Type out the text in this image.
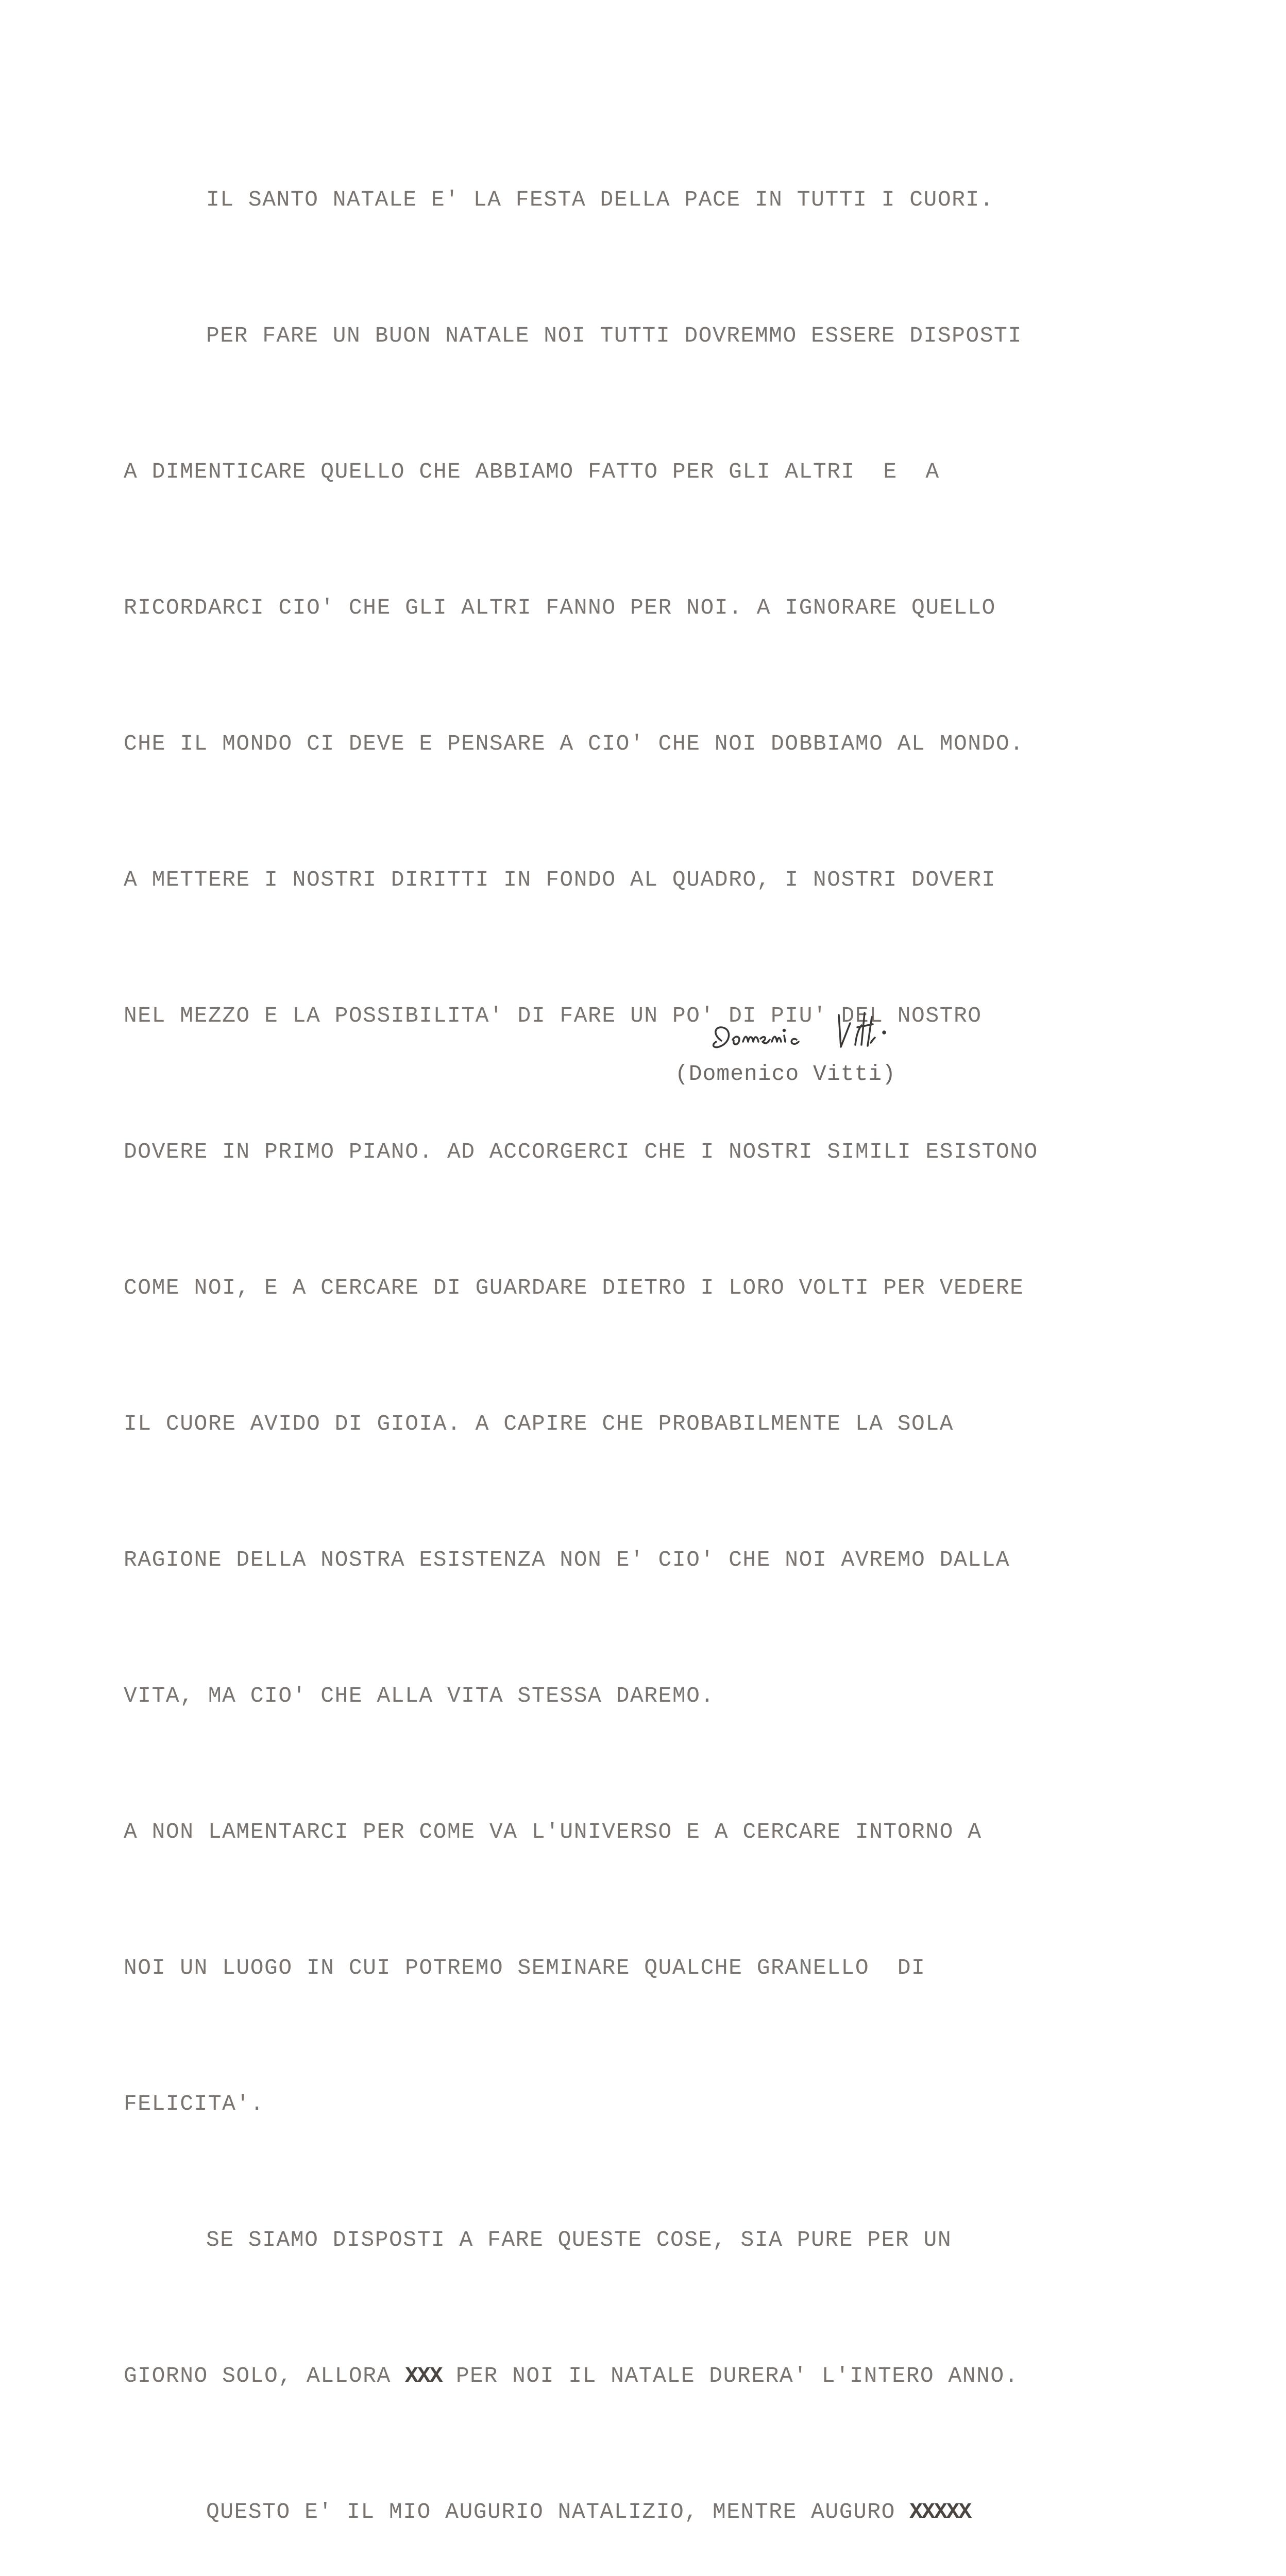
IL SANTO NATALE E' LA FESTA DELLA PACE IN TUTTI I CUORI.

PER FARE UN BUON NATALE NOI TUTTI DOVREMMO ESSERE DISPOSTI

A DIMENTICARE QUELLO CHE ABBIAMO FATTO PER GLI ALTRI  E  A

RICORDARCI CIO' CHE GLI ALTRI FANNO PER NOI. A IGNORARE QUELLO

CHE IL MONDO CI DEVE E PENSARE A CIO' CHE NOI DOBBIAMO AL MONDO.

A METTERE I NOSTRI DIRITTI IN FONDO AL QUADRO, I NOSTRI DOVERI

NEL MEZZO E LA POSSIBILITA' DI FARE UN PO' DI PIU' DEL NOSTRO

DOVERE IN PRIMO PIANO. AD ACCORGERCI CHE I NOSTRI SIMILI ESISTONO

COME NOI, E A CERCARE DI GUARDARE DIETRO I LORO VOLTI PER VEDERE

IL CUORE AVIDO DI GIOIA. A CAPIRE CHE PROBABILMENTE LA SOLA

RAGIONE DELLA NOSTRA ESISTENZA NON E' CIO' CHE NOI AVREMO DALLA

VITA, MA CIO' CHE ALLA VITA STESSA DAREMO.

A NON LAMENTARCI PER COME VA L'UNIVERSO E A CERCARE INTORNO A

NOI UN LUOGO IN CUI POTREMO SEMINARE QUALCHE GRANELLO  DI

FELICITA'.

SE SIAMO DISPOSTI A FARE QUESTE COSE, SIA PURE PER UN

GIORNO SOLO, ALLORA XXX PER NOI IL NATALE DURERA' L'INTERO ANNO.

QUESTO E' IL MIO AUGURIO NATALIZIO, MENTRE AUGURO XXXXX

(Domenico Vitti)
